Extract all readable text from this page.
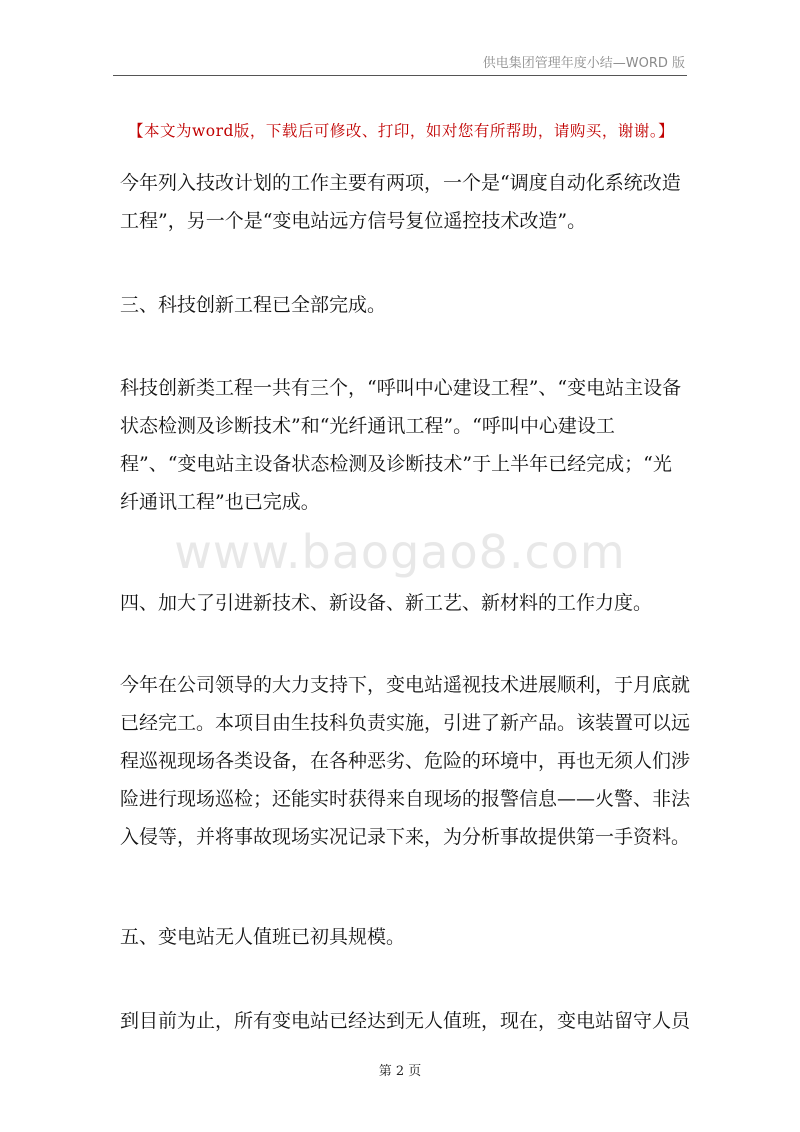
供电集团管理年度小结—WORD 版
【本文为word版，下载后可修改、打印，如对您有所帮助，请购买，谢谢。】
www.baogao8.com

今年列入技改计划的工作主要有两项，一个是“调度自动化系统改造工程”，另一个是“变电站远方信号复位遥控技术改造”。

三、科技创新工程已全部完成。

科技创新类工程一共有三个，“呼叫中心建设工程”、“变电站主设备状态检测及诊断技术”和“光纤通讯工程”。“呼叫中心建设工程”、“变电站主设备状态检测及诊断技术”于上半年已经完成；“光纤通讯工程”也已完成。

四、加大了引进新技术、新设备、新工艺、新材料的工作力度。

今年在公司领导的大力支持下，变电站遥视技术进展顺利，于月底就已经完工。本项目由生技科负责实施，引进了新产品。该装置可以远程巡视现场各类设备，在各种恶劣、危险的环境中，再也无须人们涉险进行现场巡检；还能实时获得来自现场的报警信息——火警、非法入侵等，并将事故现场实况记录下来，为分析事故提供第一手资料。

五、变电站无人值班已初具规模。

到目前为止，所有变电站已经达到无人值班，现在，变电站留守人员

第 2 页
